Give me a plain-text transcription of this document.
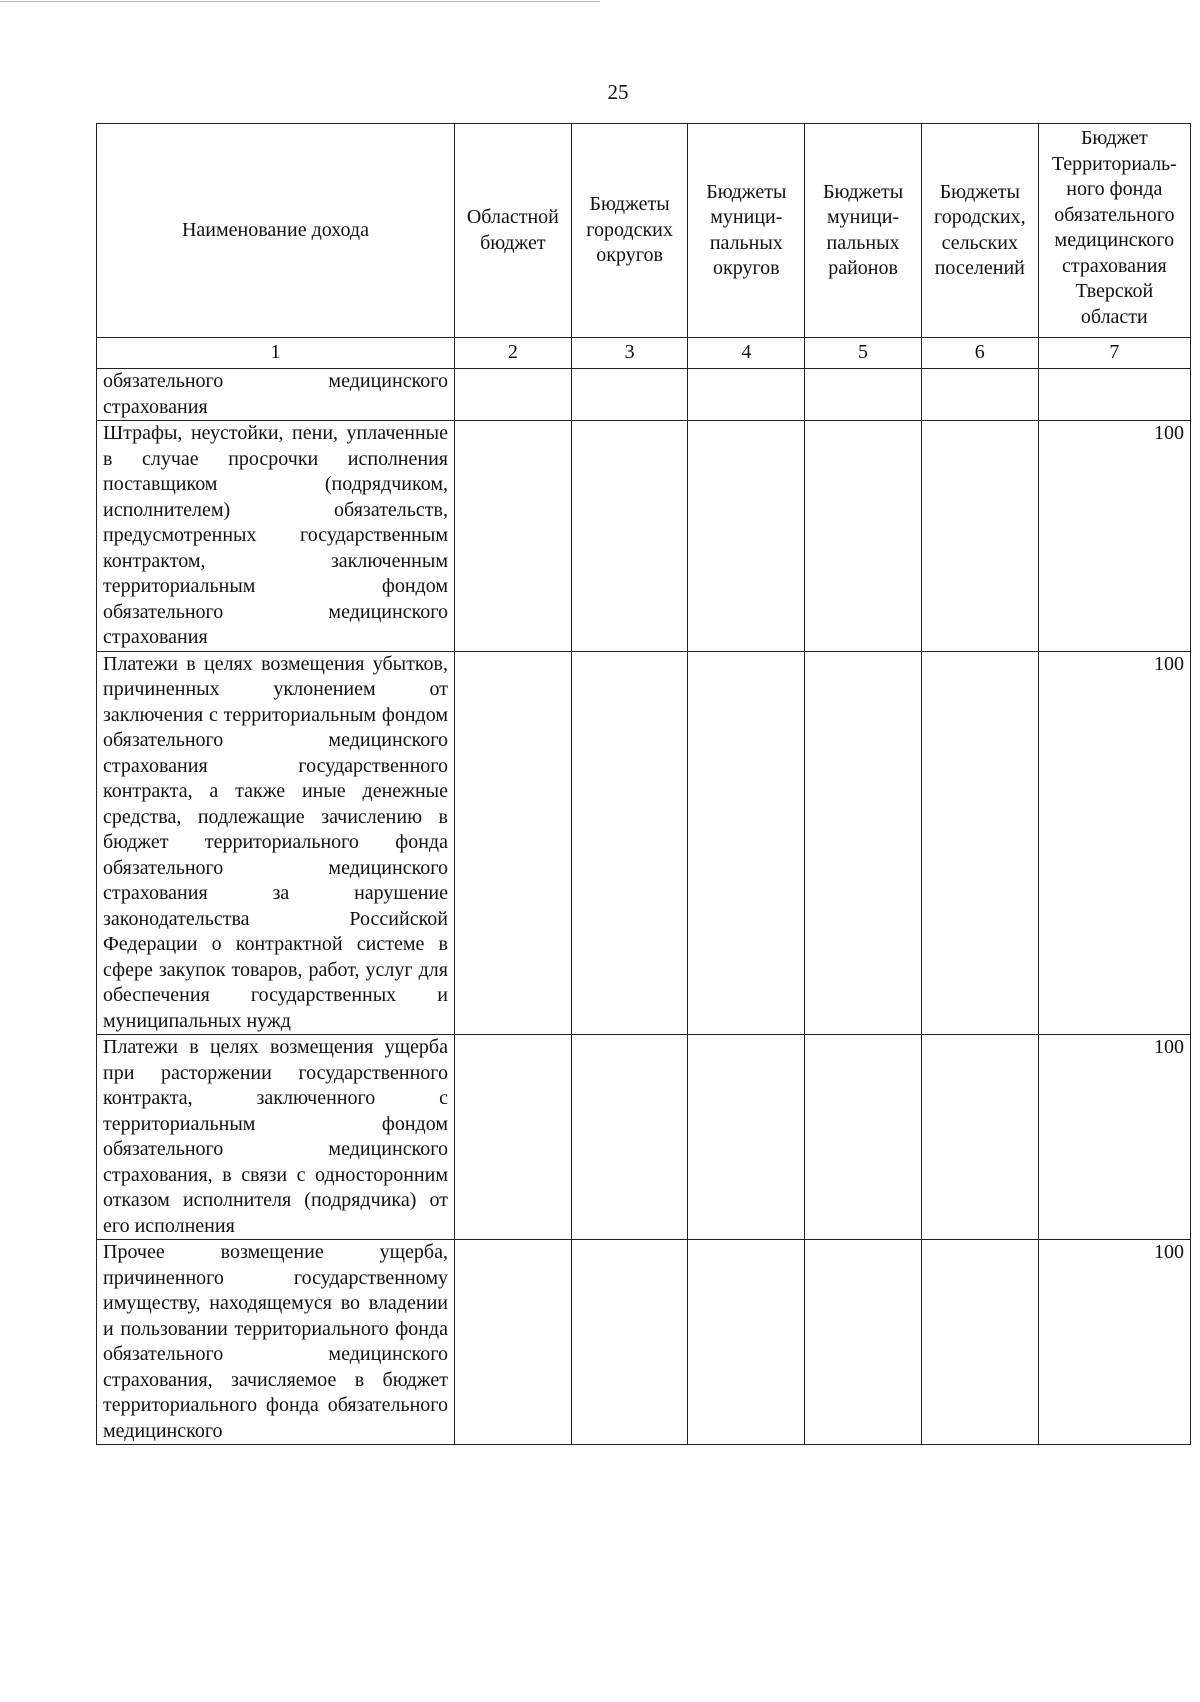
25
Наименование дохода	Областной бюджет	Бюджеты городских округов	Бюджеты муници-пальных округов	Бюджеты муници-пальных районов	Бюджеты городских, сельских поселений	Бюджет Территориаль-ного фонда обязательного медицинского страхования Тверской области

1	2	3	4	5	6	7

обязательного медицинского страхования						

Штрафы, неустойки, пени, уплаченные в случае просрочки исполнения поставщиком (подрядчиком, исполнителем) обязательств, предусмотренных государственным контрактом, заключенным территориальным фондом обязательного медицинского страхования						100

Платежи в целях возмещения убытков, причиненных уклонением от заключения с территориальным фондом обязательного медицинского страхования государственного контракта, а также иные денежные средства, подлежащие зачислению в бюджет территориального фонда обязательного медицинского страхования за нарушение законодательства Российской Федерации о контрактной системе в сфере закупок товаров, работ, услуг для обеспечения государственных и муниципальных нужд						100

Платежи в целях возмещения ущерба при расторжении государственного контракта, заключенного с территориальным фондом обязательного медицинского страхования, в связи с односторонним отказом исполнителя (подрядчика) от его исполнения						100

Прочее возмещение ущерба, причиненного государственному имуществу, находящемуся во владении и пользовании территориального фонда обязательного медицинского страхования, зачисляемое в бюджет территориального фонда обязательного медицинского						100
